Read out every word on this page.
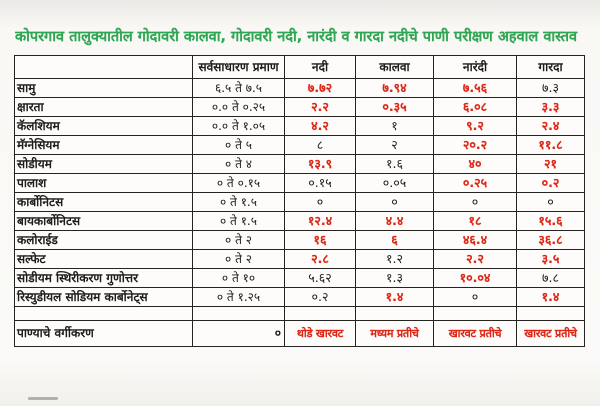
कोपरगाव तालुक्यातील गोदावरी कालवा, गोदावरी नदी, नारंदी व गारदा नदीचे पाणी परीक्षण अहवाल वास्तव
	सर्वसाधारण प्रमाण	नदी	कालवा	नारंदी	गारदा
सामु	६.५ ते ७.५	७.७२	७.९४	७.५६	७.३
क्षारता	०.० ते ०.२५	२.२	०.३५	६.०८	३.३
कॅलशियम	०.० ते १.०५	४.२	१	९.२	२.४
मॅग्नेसियम	० ते ५	८	२	२०.२	११.८
सोडीयम	० ते ४	१३.९	१.६	४०	२१
पालाश	० ते ०.१५	०.१५	०.०५	०.२५	०.२
कार्बोनिटस	० ते १.५	०	०	०	०
बायकार्बोनिटस	० ते १.५	१२.४	४.४	१८	१५.६
कलोराईड	० ते २	१६	६	४६.४	३६.८
सल्फेट	० ते २	२.८	१.२	२.२	३.५
सोडीयम स्थिरीकरण गुणोत्तर	० ते १०	५.६२	१.३	१०.०४	७.८
रिस्युडीयल सोडियम कार्बोनेट्स	० ते १.२५	०.२	१.४	०	१.४

पाण्याचे वर्गीकरण	०	थोडे खारवट	मध्यम प्रतीचे	खारवट प्रतीचे	खारवट प्रतीचे
